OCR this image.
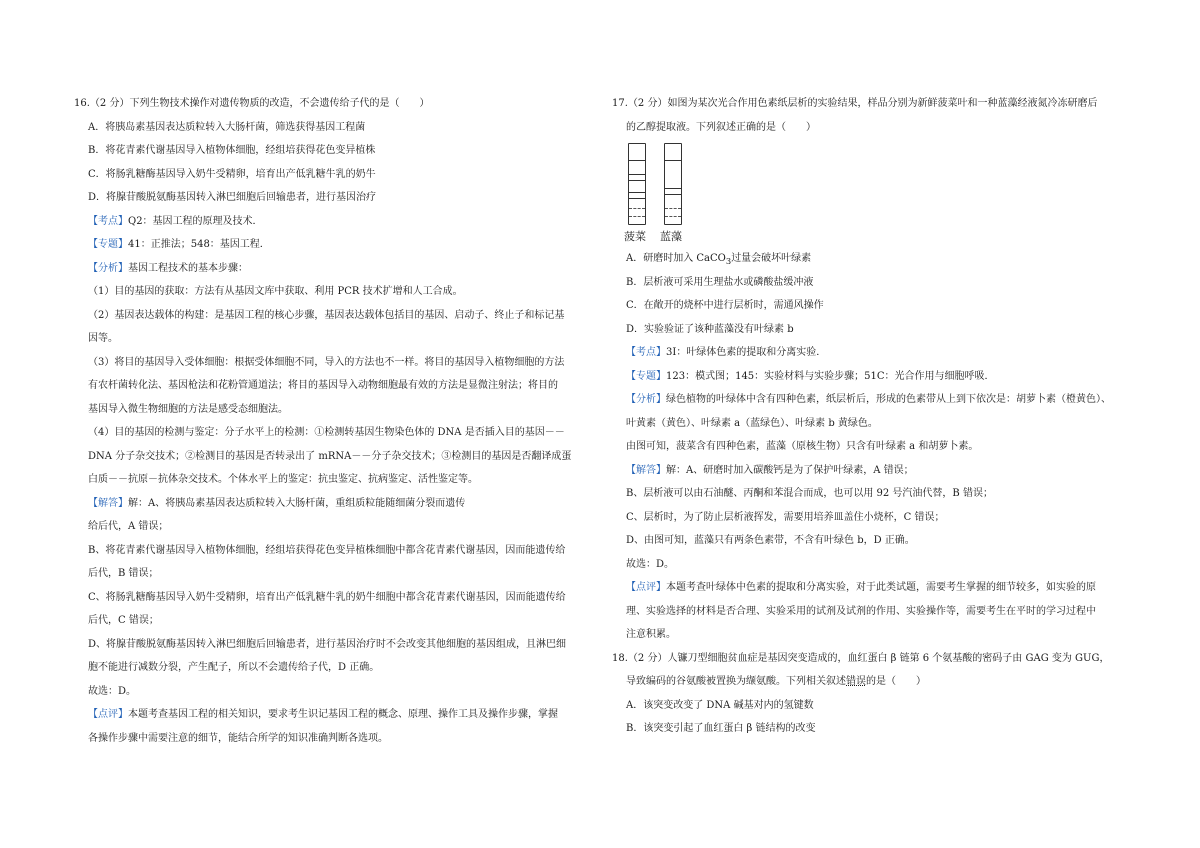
16.（2 分）下列生物技术操作对遗传物质的改造，不会遗传给子代的是（　　）
A．将胰岛素基因表达质粒转入大肠杆菌，筛选获得基因工程菌
B．将花青素代谢基因导入植物体细胞，经组培获得花色变异植株
C．将肠乳糖酶基因导入奶牛受精卵，培育出产低乳糖牛乳的奶牛
D．将腺苷酸脱氨酶基因转入淋巴细胞后回输患者，进行基因治疗
【考点】Q2：基因工程的原理及技术．
【专题】41：正推法；548：基因工程．
【分析】基因工程技术的基本步骤：
（1）目的基因的获取：方法有从基因文库中获取、利用 PCR 技术扩增和人工合成。
（2）基因表达载体的构建：是基因工程的核心步骤，基因表达载体包括目的基因、启动子、终止子和标记基
因等。
（3）将目的基因导入受体细胞：根据受体细胞不同，导入的方法也不一样。将目的基因导入植物细胞的方法
有农杆菌转化法、基因枪法和花粉管通道法；将目的基因导入动物细胞最有效的方法是显微注射法；将目的
基因导入微生物细胞的方法是感受态细胞法。
（4）目的基因的检测与鉴定：分子水平上的检测：①检测转基因生物染色体的 DNA 是否插入目的基因－－
DNA 分子杂交技术；②检测目的基因是否转录出了 mRNA－－分子杂交技术；③检测目的基因是否翻译成蛋
白质－－抗原－抗体杂交技术。个体水平上的鉴定：抗虫鉴定、抗病鉴定、活性鉴定等。
【解答】解：A、将胰岛素基因表达质粒转入大肠杆菌，重组质粒能随细菌分裂而遗传
给后代，A 错误；
B、将花青素代谢基因导入植物体细胞，经组培获得花色变异植株细胞中都含花青素代谢基因，因而能遗传给
后代，B 错误；
C、将肠乳糖酶基因导入奶牛受精卵，培育出产低乳糖牛乳的奶牛细胞中都含花青素代谢基因，因而能遗传给
后代，C 错误；
D、将腺苷酸脱氨酶基因转入淋巴细胞后回输患者，进行基因治疗时不会改变其他细胞的基因组成，且淋巴细
胞不能进行减数分裂，产生配子，所以不会遗传给子代，D 正确。
故选：D。
【点评】本题考查基因工程的相关知识，要求考生识记基因工程的概念、原理、操作工具及操作步骤，掌握
各操作步骤中需要注意的细节，能结合所学的知识准确判断各选项。
17.（2 分）如图为某次光合作用色素纸层析的实验结果，样品分别为新鲜菠菜叶和一种蓝藻经液氮冷冻研磨后
的乙醇提取液。下列叙述正确的是（　　）
菠菜 蓝藻
A．研磨时加入 CaCO$_3$过量会破坏叶绿素
B．层析液可采用生理盐水或磷酸盐缓冲液
C．在敞开的烧杯中进行层析时，需通风操作
D．实验验证了该种蓝藻没有叶绿素 b
【考点】3I：叶绿体色素的提取和分离实验．
【专题】123：模式图；145：实验材料与实验步骤；51C：光合作用与细胞呼吸．
【分析】绿色植物的叶绿体中含有四种色素，纸层析后，形成的色素带从上到下依次是：胡萝卜素（橙黄色）、
叶黄素（黄色）、叶绿素 a（蓝绿色）、叶绿素 b 黄绿色。
由图可知，菠菜含有四种色素，蓝藻（原核生物）只含有叶绿素 a 和胡萝卜素。
【解答】解：A、研磨时加入碳酸钙是为了保护叶绿素，A 错误；
B、层析液可以由石油醚、丙酮和苯混合而成，也可以用 92 号汽油代替，B 错误；
C、层析时，为了防止层析液挥发，需要用培养皿盖住小烧杯，C 错误；
D、由图可知，蓝藻只有两条色素带，不含有叶绿色 b，D 正确。
故选：D。
【点评】本题考查叶绿体中色素的提取和分离实验，对于此类试题，需要考生掌握的细节较多，如实验的原
理、实验选择的材料是否合理、实验采用的试剂及试剂的作用、实验操作等，需要考生在平时的学习过程中
注意积累。
18.（2 分）人镰刀型细胞贫血症是基因突变造成的，血红蛋白 β 链第 6 个氨基酸的密码子由 GAG 变为 GUG，
导致编码的谷氨酸被置换为缬氨酸。下列相关叙述错误的是（　　）
A．该突变改变了 DNA 碱基对内的氢键数
B．该突变引起了血红蛋白 β 链结构的改变
